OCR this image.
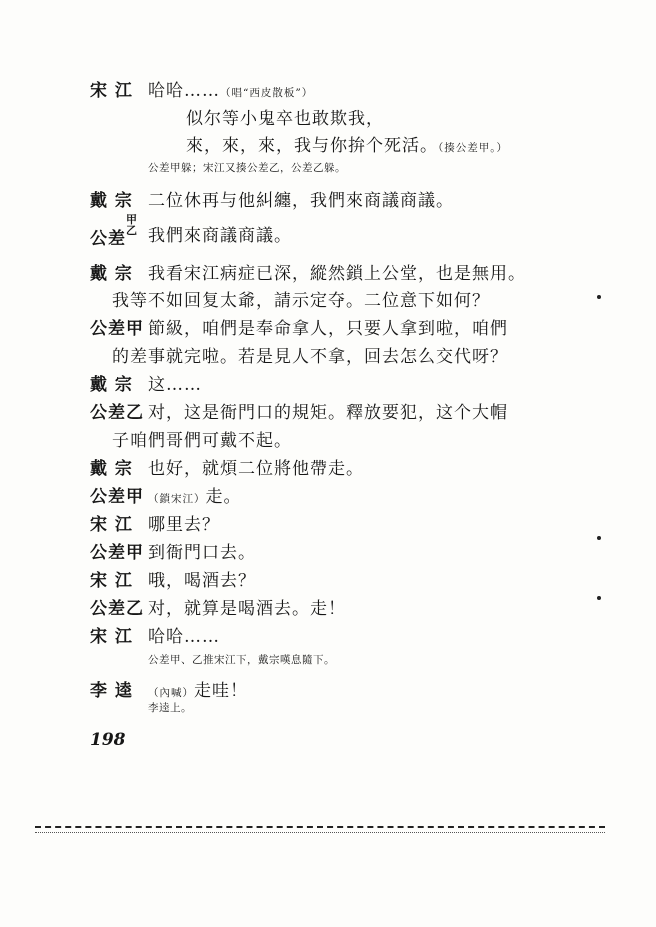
宋 江 哈哈……（唱“西皮散板”）
似尔等小鬼卒也敢欺我，
來，來，來，我与你拚个死活。（揍公差甲。）
公差甲躲；宋江又揍公差乙，公差乙躲。
戴 宗 二位休再与他糾纏，我們來商議商議。
公差
甲
乙 我們來商議商議。
戴 宗 我看宋江病症已深，縱然鎖上公堂，也是無用。
我等不如回复太爺，請示定夺。二位意下如何？
公差甲 節級，咱們是奉命拿人，只要人拿到啦，咱們
的差事就完啦。若是見人不拿，回去怎么交代呀？
戴 宗 这……
公差乙 对，这是衙門口的規矩。釋放要犯，这个大帽
子咱們哥們可戴不起。
戴 宗 也好，就煩二位將他帶走。
公差甲 （鎖宋江）走。
宋 江 哪里去？
公差甲 到衙門口去。
宋 江 哦，喝酒去？
公差乙 对，就算是喝酒去。走！
宋 江 哈哈……
公差甲、乙推宋江下，戴宗嘆息隨下。
李 逵 （內喊）走哇！
李逵上。
198
